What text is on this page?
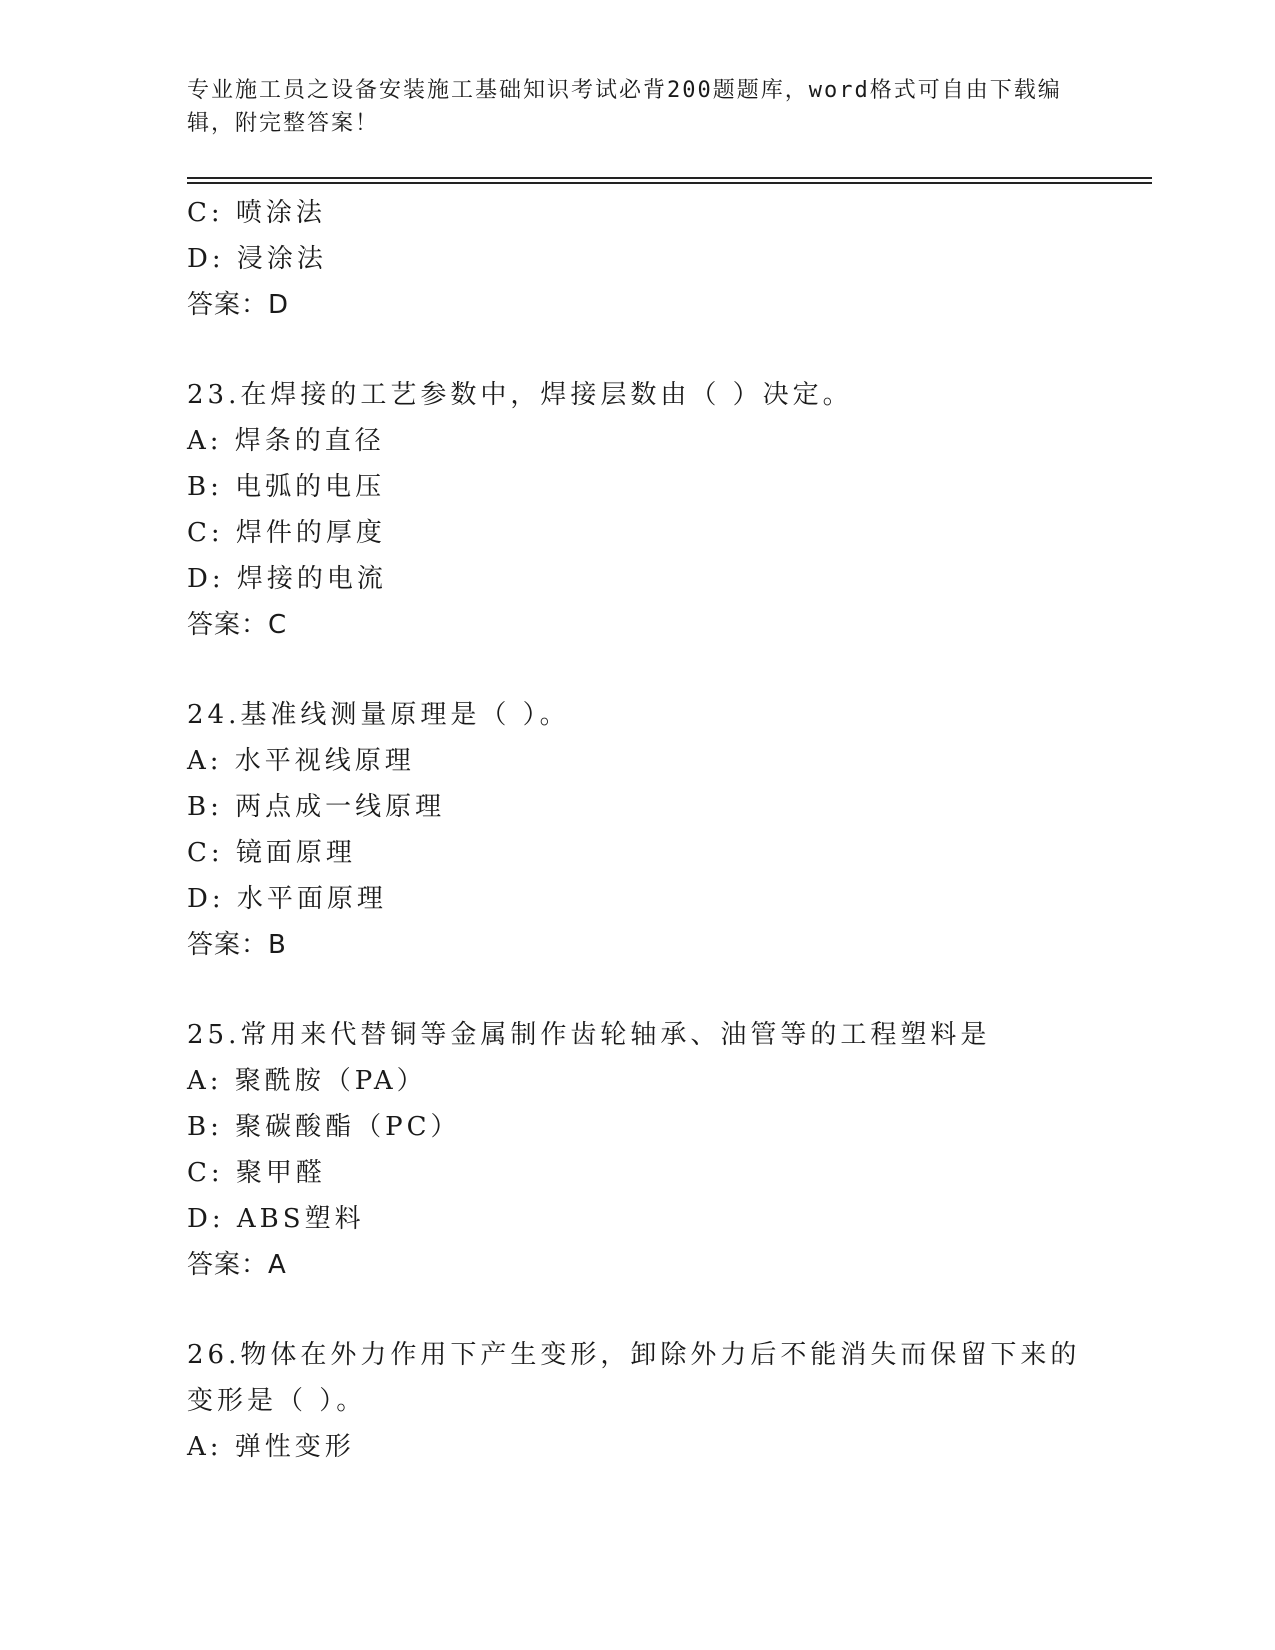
专业施工员之设备安装施工基础知识考试必背200题题库，word格式可自由下载编辑，附完整答案！
C: 喷涂法
D: 浸涂法
答案：D
23.在焊接的工艺参数中，焊接层数由（ ）决定。
A: 焊条的直径
B: 电弧的电压
C: 焊件的厚度
D: 焊接的电流
答案：C
24.基准线测量原理是（ ）。
A: 水平视线原理
B: 两点成一线原理
C: 镜面原理
D: 水平面原理
答案：B
25.常用来代替铜等金属制作齿轮轴承、油管等的工程塑料是
A: 聚酰胺（PA）
B: 聚碳酸酯（PC）
C: 聚甲醛
D: ABS塑料
答案：A
26.物体在外力作用下产生变形，卸除外力后不能消失而保留下来的变形是（ ）。
A: 弹性变形
